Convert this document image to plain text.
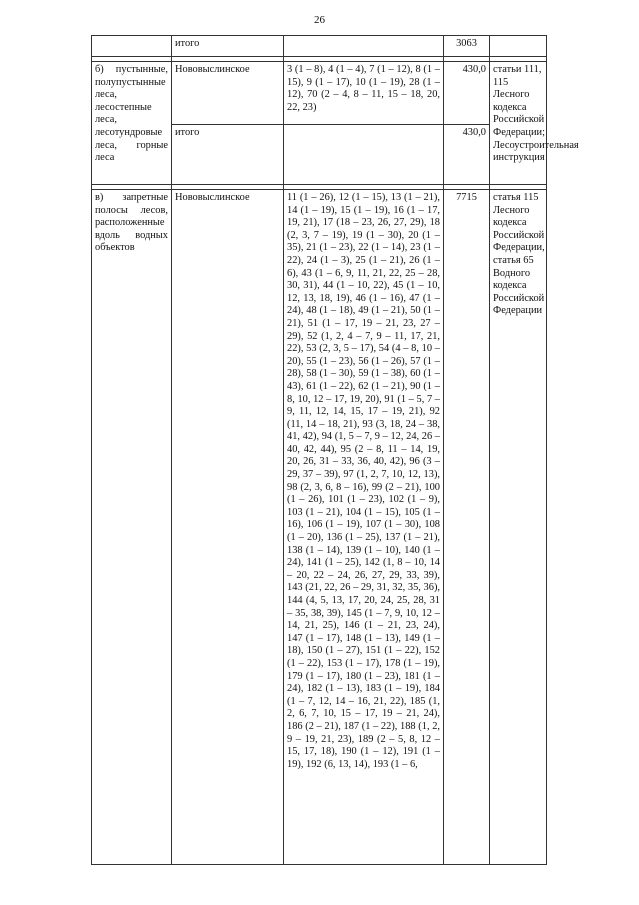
26
	итого		3063	

б) пустынные, полупустынные леса, лесостепные леса, лесотундровые леса, горные леса	Нововыслинское	3 (1 – 8), 4 (1 – 4), 7 (1 – 12), 8 (1 – 15), 9 (1 – 17), 10 (1 – 19), 28 (1 – 12), 70 (2 – 4, 8 – 11, 15 – 18, 20, 22, 23)	430,0	статьи 111, 115 Лесного кодекса Российской Федерации; Лесоустроительная инструкция
	итого		430,0	

в) запретные полосы лесов, расположенные вдоль водных объектов	Нововыслинское	11 (1 – 26), 12 (1 – 15), 13 (1 – 21), 14 (1 – 19), 15 (1 – 19), 16 (1 – 17, 19, 21), 17 (18 – 23, 26, 27, 29), 18 (2, 3, 7 – 19), 19 (1 – 30), 20 (1 – 35), 21 (1 – 23), 22 (1 – 14), 23 (1 – 22), 24 (1 – 3), 25 (1 – 21), 26 (1 – 6), 43 (1 – 6, 9, 11, 21, 22, 25 – 28, 30, 31), 44 (1 – 10, 22), 45 (1 – 10, 12, 13, 18, 19), 46 (1 – 16), 47 (1 – 24), 48 (1 – 18), 49 (1 – 21), 50 (1 – 21), 51 (1 – 17, 19 – 21, 23, 27 – 29), 52 (1, 2, 4 – 7, 9 – 11, 17, 21, 22), 53 (2, 3, 5 – 17), 54 (4 – 8, 10 – 20), 55 (1 – 23), 56 (1 – 26), 57 (1 – 28), 58 (1 – 30), 59 (1 – 38), 60 (1 – 43), 61 (1 – 22), 62 (1 – 21), 90 (1 – 8, 10, 12 – 17, 19, 20), 91 (1 – 5, 7 – 9, 11, 12, 14, 15, 17 – 19, 21), 92 (11, 14 – 18, 21), 93 (3, 18, 24 – 38, 41, 42), 94 (1, 5 – 7, 9 – 12, 24, 26 – 40, 42, 44), 95 (2 – 8, 11 – 14, 19, 20, 26, 31 – 33, 36, 40, 42), 96 (3 – 29, 37 – 39), 97 (1, 2, 7, 10, 12, 13), 98 (2, 3, 6, 8 – 16), 99 (2 – 21), 100 (1 – 26), 101 (1 – 23), 102 (1 – 9), 103 (1 – 21), 104 (1 – 15), 105 (1 – 16), 106 (1 – 19), 107 (1 – 30), 108 (1 – 20), 136 (1 – 25), 137 (1 – 21), 138 (1 – 14), 139 (1 – 10), 140 (1 – 24), 141 (1 – 25), 142 (1, 8 – 10, 14 – 20, 22 – 24, 26, 27, 29, 33, 39), 143 (21, 22, 26 – 29, 31, 32, 35, 36), 144 (4, 5, 13, 17, 20, 24, 25, 28, 31 – 35, 38, 39), 145 (1 – 7, 9, 10, 12 – 14, 21, 25), 146 (1 – 21, 23, 24), 147 (1 – 17), 148 (1 – 13), 149 (1 – 18), 150 (1 – 27), 151 (1 – 22), 152 (1 – 22), 153 (1 – 17), 178 (1 – 19), 179 (1 – 17), 180 (1 – 23), 181 (1 – 24), 182 (1 – 13), 183 (1 – 19), 184 (1 – 7, 12, 14 – 16, 21, 22), 185 (1, 2, 6, 7, 10, 15 – 17, 19 – 21, 24), 186 (2 – 21), 187 (1 – 22), 188 (1, 2, 9 – 19, 21, 23), 189 (2 – 5, 8, 12 – 15, 17, 18), 190 (1 – 12), 191 (1 – 19), 192 (6, 13, 14), 193 (1 – 6,	7715	статья 115 Лесного кодекса Российской Федерации, статья 65 Водного кодекса Российской Федерации
